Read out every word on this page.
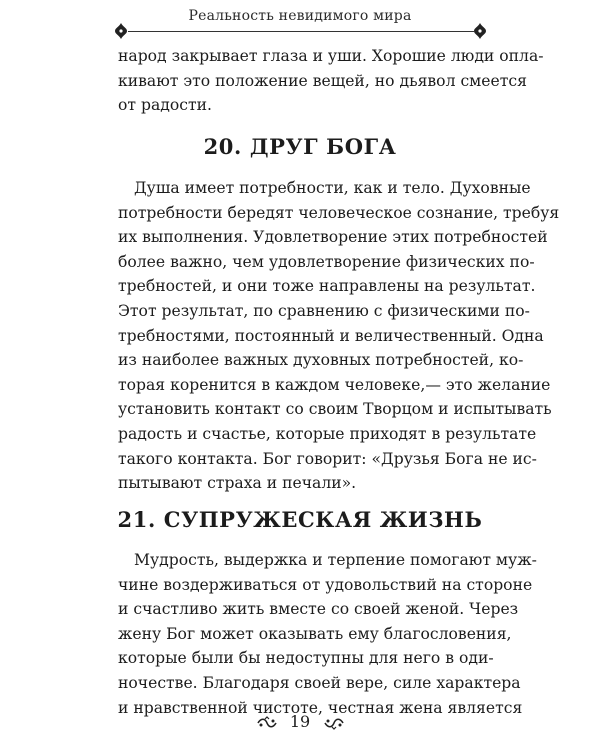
Реальность невидимого мира

народ закрывает глаза и уши. Хорошие люди опла-
кивают это положение вещей, но дьявол смеется
от радости.

20. ДРУГ БОГА

Душа имеет потребности, как и тело. Духовные
потребности бередят человеческое сознание, требуя
их выполнения. Удовлетворение этих потребностей
более важно, чем удовлетворение физических по-
требностей, и они тоже направлены на результат.
Этот результат, по сравнению с физическими по-
требностями, постоянный и величественный. Одна
из наиболее важных духовных потребностей, ко-
торая коренится в каждом человеке,— это желание
установить контакт со своим Творцом и испытывать
радость и счастье, которые приходят в результате
такого контакта. Бог говорит: «Друзья Бога не ис-
пытывают страха и печали».

21. СУПРУЖЕСКАЯ ЖИЗНЬ

Мудрость, выдержка и терпение помогают муж-
чине воздерживаться от удовольствий на стороне
и счастливо жить вместе со своей женой. Через
жену Бог может оказывать ему благословения,
которые были бы недоступны для него в оди-
ночестве. Благодаря своей вере, силе характера
и нравственной чистоте, честная жена является

19
